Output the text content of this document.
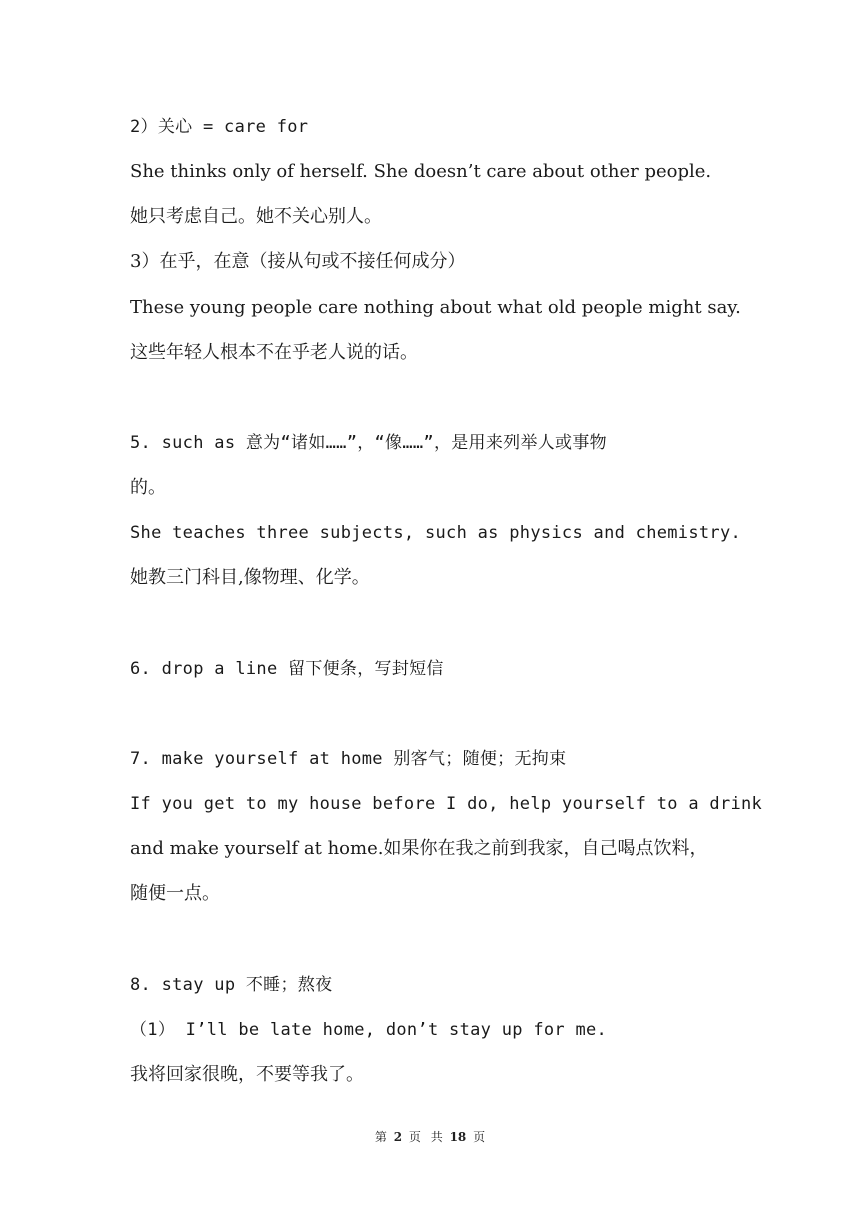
2）关心 = care for
She thinks only of herself. She doesn’t care about other people.
她只考虑自己。她不关心别人。
3）在乎，在意（接从句或不接任何成分）
These young people care nothing about what old people might say.
这些年轻人根本不在乎老人说的话。
5. such as 意为“诸如……”，“像……”，是用来列举人或事物
的。
She teaches three subjects, such as physics and chemistry.
她教三门科目,像物理、化学。
6. drop a line 留下便条，写封短信
7. make yourself at home 别客气；随便；无拘束
If you get to my house before I do, help yourself to a drink
and make yourself at home.如果你在我之前到我家，自己喝点饮料，
随便一点。
8. stay up 不睡；熬夜
（1） I’ll be late home, don’t stay up for me.
我将回家很晚，不要等我了。
第 2 页 共 18 页
